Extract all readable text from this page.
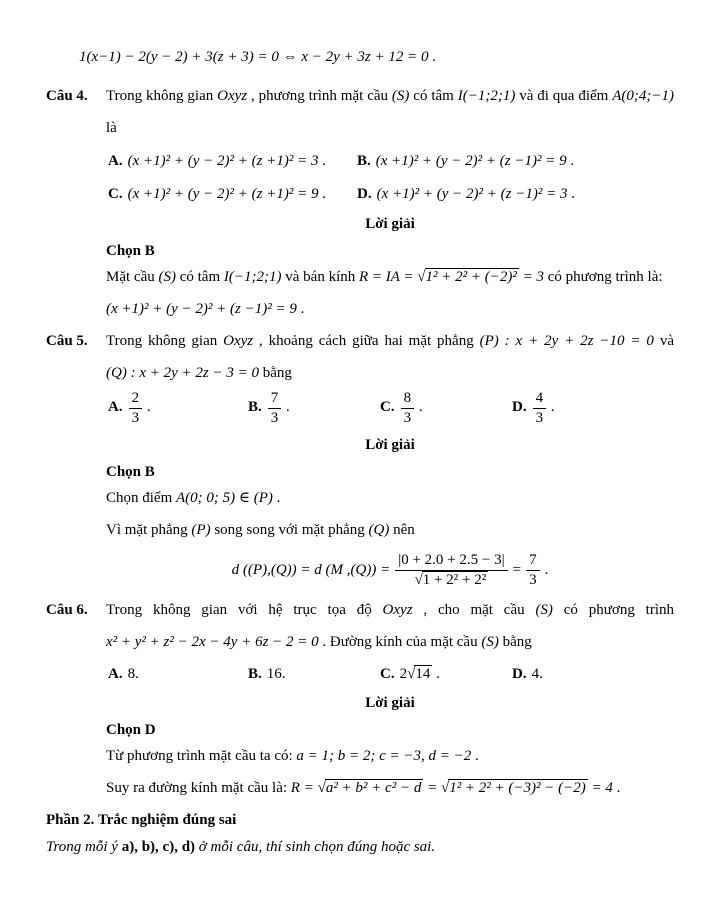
1(x−1) − 2(y − 2) + 3(z + 3) = 0 ⇔ x − 2y + 3z + 12 = 0 .
Câu 4. Trong không gian Oxyz , phương trình mặt cầu (S) có tâm I(−1;2;1) và đi qua điểm A(0;4;−1)
là
A. (x +1)² + (y − 2)² + (z +1)² = 3 .	B. (x +1)² + (y − 2)² + (z −1)² = 9 .
C. (x +1)² + (y − 2)² + (z +1)² = 9 .	D. (x +1)² + (y − 2)² + (z −1)² = 3 .
Lời giải
Chọn B
Mặt cầu (S) có tâm I(−1;2;1) và bán kính R = IA = √1² + 2² + (−2)² = 3 có phương trình là:
(x +1)² + (y − 2)² + (z −1)² = 9 .
Câu 5. Trong không gian Oxyz , khoảng cách giữa hai mặt phẳng (P) : x + 2y + 2z −10 = 0 và
(Q) : x + 2y + 2z − 3 = 0 bằng
A. $\frac{2}{3}$ .	B. $\frac{7}{3}$ .	C. $\frac{8}{3}$ .	D. $\frac{4}{3}$ .
Lời giải
Chọn B
Chọn điểm A(0; 0; 5) ∈ (P) .
Vì mặt phẳng (P) song song với mặt phẳng (Q) nên
d ((P),(Q)) = d (M $,(Q)) = \frac{|0 + 2.0 + 2.5 - 3|}{\text{√1 + 2² + 2²}} = \frac{7}{3}$ .
Câu 6. Trong không gian với hệ trục tọa độ Oxyz , cho mặt cầu (S) có phương trình
x² + y² + z² − 2x − 4y + 6z − 2 = 0 . Đường kính của mặt cầu (S) bằng
A. 8.	B. 16.	C. 2√14 .	D. 4.
Lời giải
Chọn D
Từ phương trình mặt cầu ta có: a = 1; b = 2; c = −3, d = −2 .
Suy ra đường kính mặt cầu là: R = √a² + b² + c² − d = √1² + 2² + (−3)² − (−2) = 4 .
Phần 2. Trắc nghiệm đúng sai
Trong mỗi ý a), b), c), d) ở mỗi câu, thí sinh chọn đúng hoặc sai.
